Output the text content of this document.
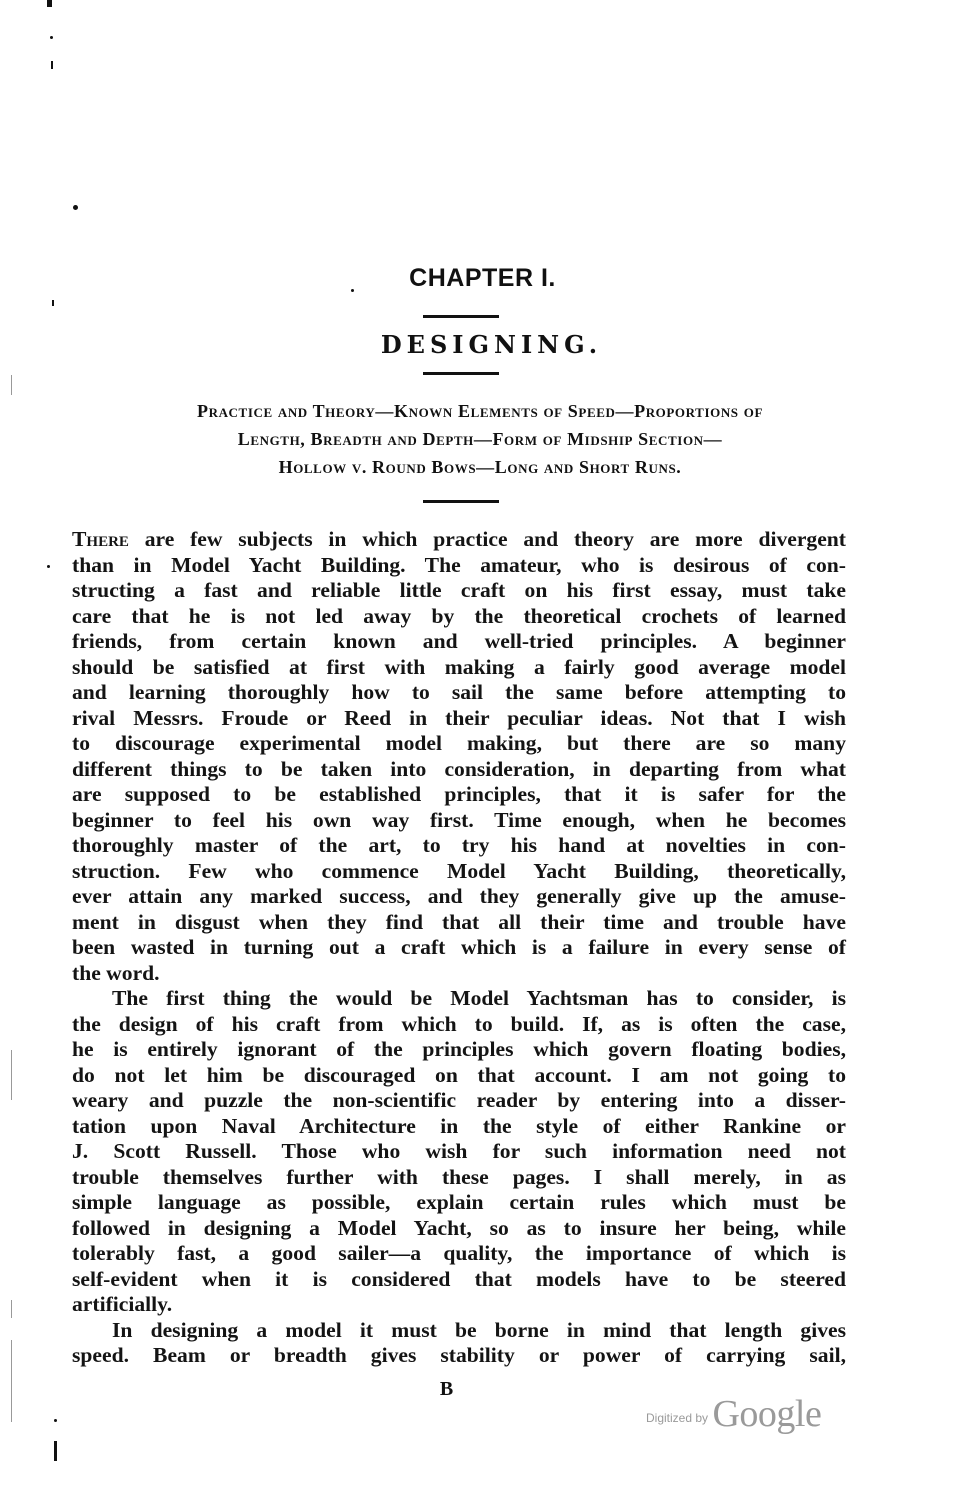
CHAPTER I.
DESIGNING.
Practice and Theory—Known Elements of Speed—Proportions of
Length, Breadth and Depth—Form of Midship Section—
Hollow v. Round Bows—Long and Short Runs.
There are few subjects in which practice and theory are more divergent
than in Model Yacht Building. The amateur, who is desirous of con-
structing a fast and reliable little craft on his first essay, must take
care that he is not led away by the theoretical crochets of learned
friends, from certain known and well-tried principles. A beginner
should be satisfied at first with making a fairly good average model
and learning thoroughly how to sail the same before attempting to
rival Messrs. Froude or Reed in their peculiar ideas. Not that I wish
to discourage experimental model making, but there are so many
different things to be taken into consideration, in departing from what
are supposed to be established principles, that it is safer for the
beginner to feel his own way first. Time enough, when he becomes
thoroughly master of the art, to try his hand at novelties in con-
struction. Few who commence Model Yacht Building, theoretically,
ever attain any marked success, and they generally give up the amuse-
ment in disgust when they find that all their time and trouble have
been wasted in turning out a craft which is a failure in every sense of
the word.
The first thing the would be Model Yachtsman has to consider, is
the design of his craft from which to build. If, as is often the case,
he is entirely ignorant of the principles which govern floating bodies,
do not let him be discouraged on that account. I am not going to
weary and puzzle the non-scientific reader by entering into a disser-
tation upon Naval Architecture in the style of either Rankine or
J. Scott Russell. Those who wish for such information need not
trouble themselves further with these pages. I shall merely, in as
simple language as possible, explain certain rules which must be
followed in designing a Model Yacht, so as to insure her being, while
tolerably fast, a good sailer—a quality, the importance of which is
self-evident when it is considered that models have to be steered
artificially.
In designing a model it must be borne in mind that length gives
speed. Beam or breadth gives stability or power of carrying sail,
B
$^{Digitized by}$ Google
